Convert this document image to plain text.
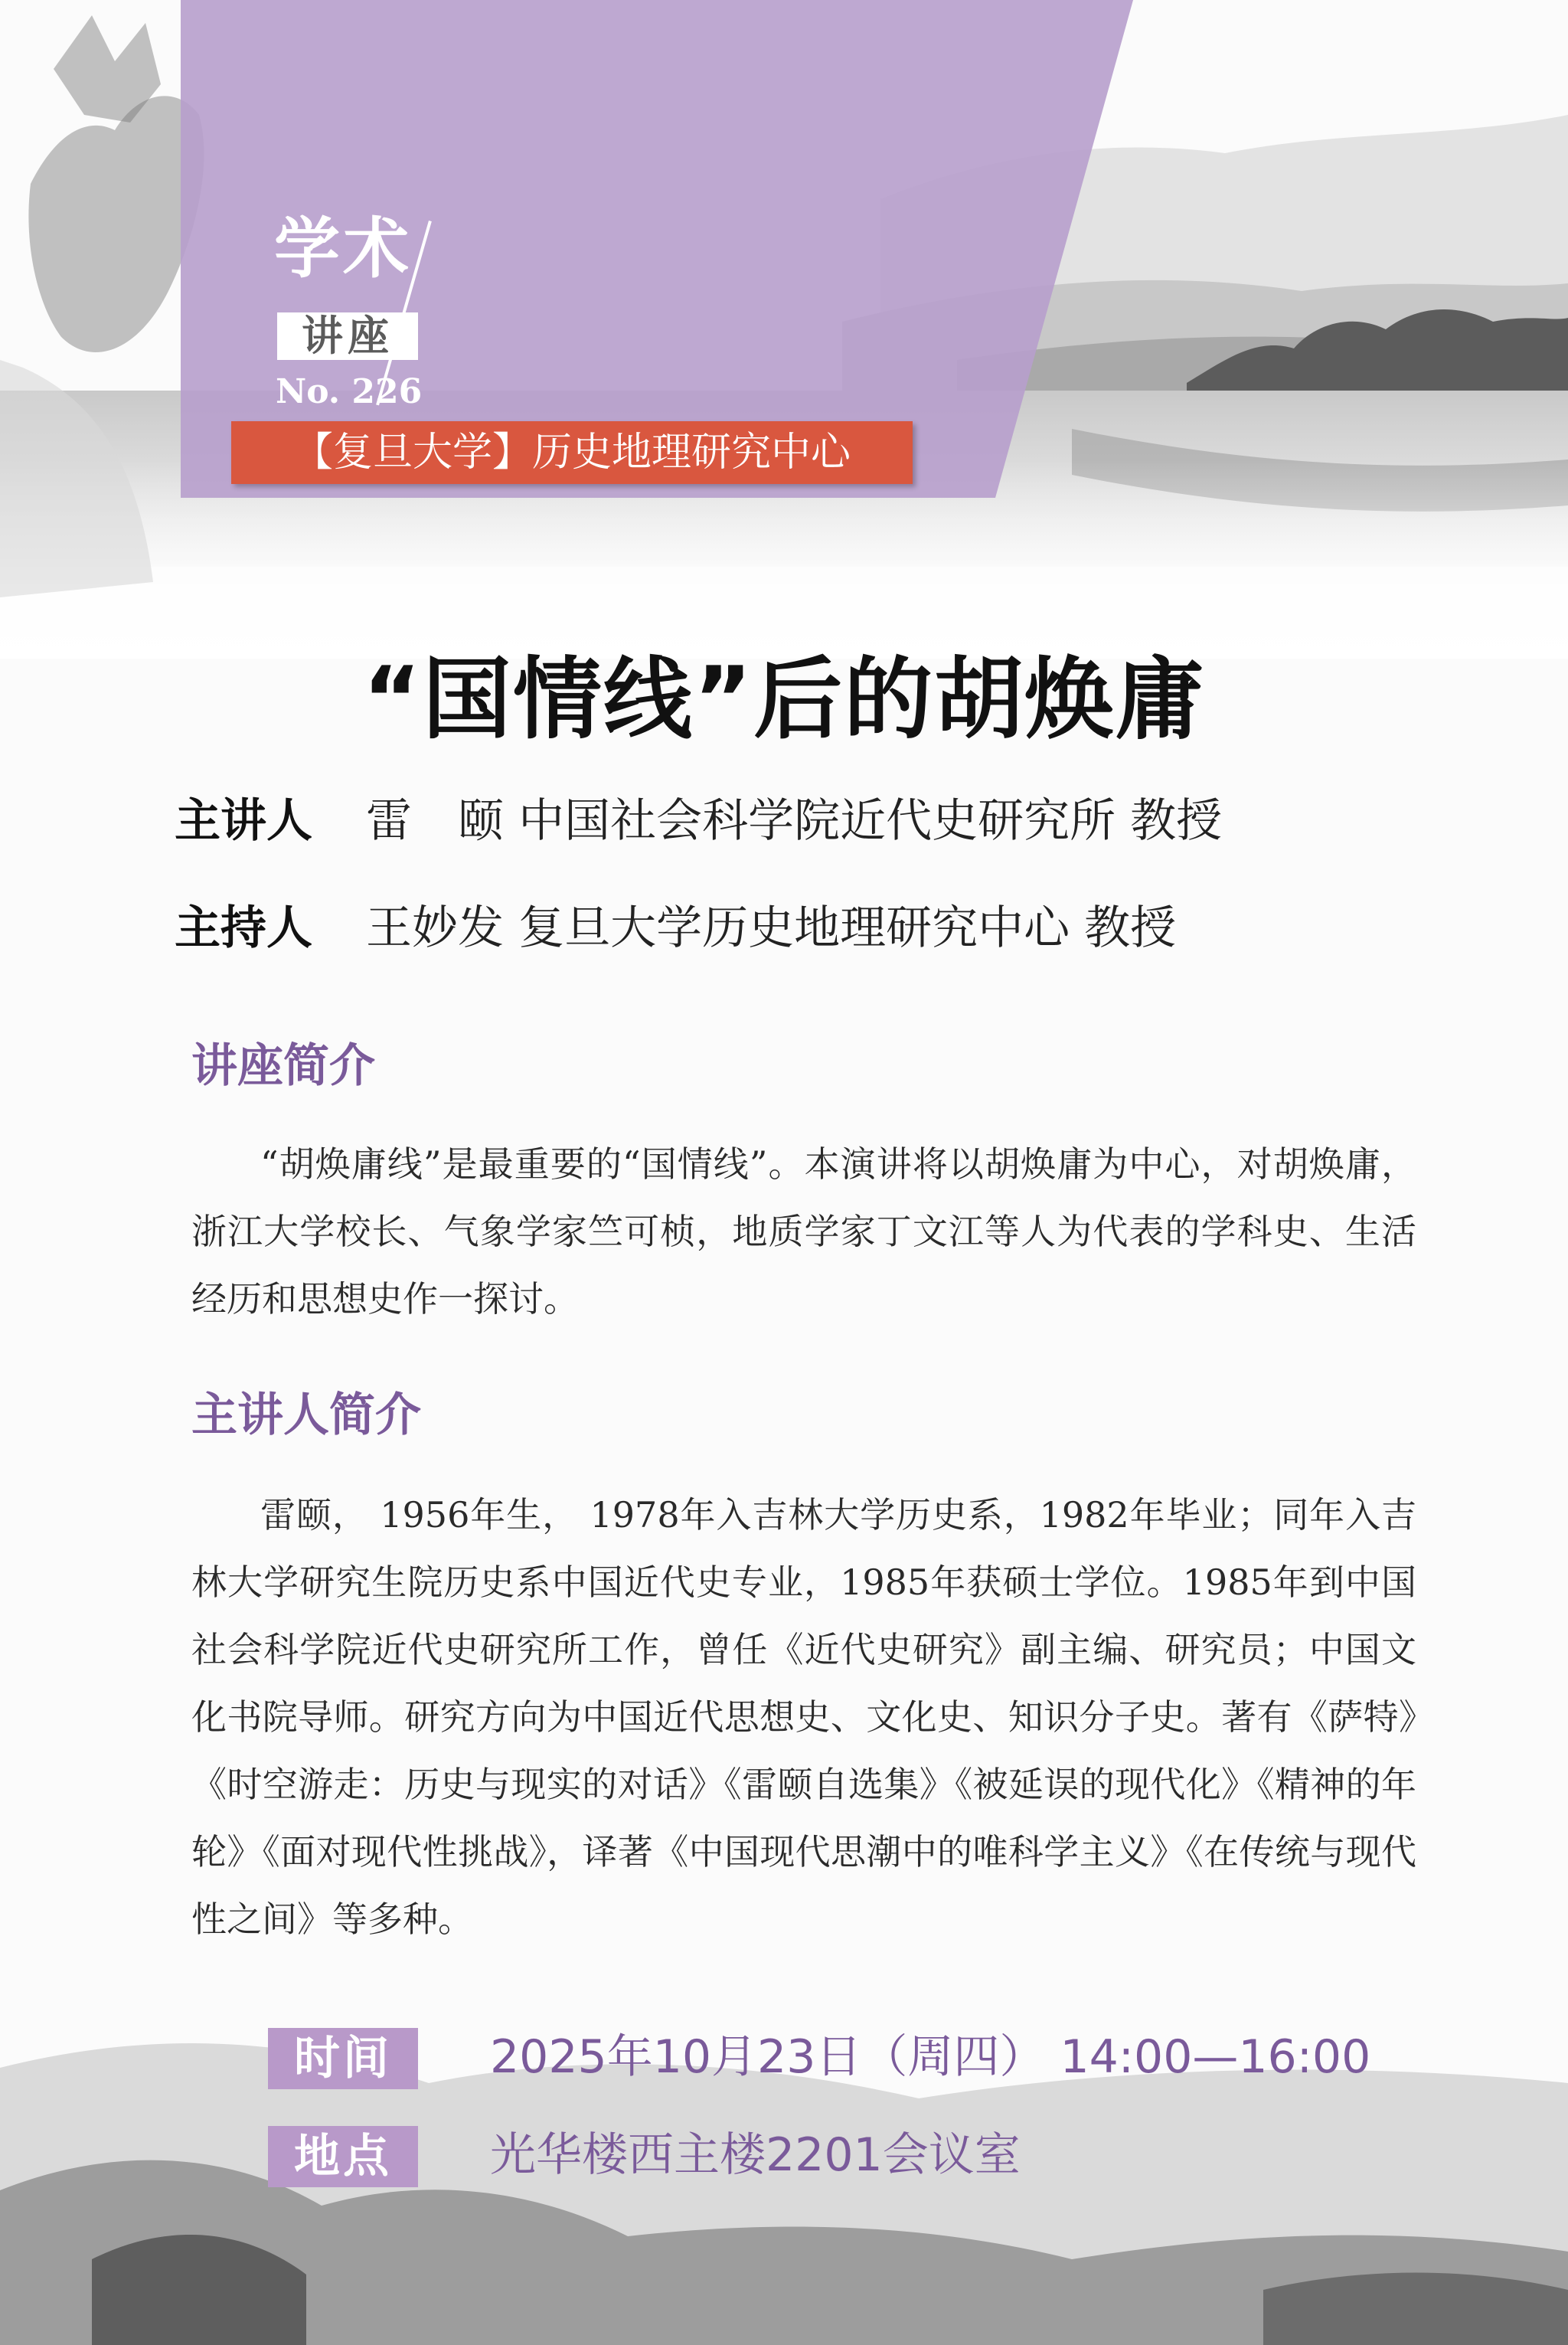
学术
讲座
No. 226
【复旦大学】历史地理研究中心
“国情线”后的胡焕庸
主讲人 雷　颐 中国社会科学院近代史研究所 教授
主持人 王妙发 复旦大学历史地理研究中心 教授
讲座简介

“胡焕庸线”是最重要的“国情线”。本演讲将以胡焕庸为中心，对胡焕庸，浙江大学校长、气象学家竺可桢，地质学家丁文江等人为代表的学科史、生活经历和思想史作一探讨。

主讲人简介

雷颐， 1956年生， 1978年入吉林大学历史系，1982年毕业；同年入吉林大学研究生院历史系中国近代史专业，1985年获硕士学位。1985年到中国社会科学院近代史研究所工作，曾任《近代史研究》副主编、研究员；中国文化书院导师。研究方向为中国近代思想史、文化史、知识分子史。著有《萨特》《时空游走：历史与现实的对话》《雷颐自选集》《被延误的现代化》《精神的年轮》《面对现代性挑战》，译著《中国现代思潮中的唯科学主义》《在传统与现代性之间》等多种。

时间	2025年10月23日（周四） 14:00—16:00
地点	光华楼西主楼2201会议室
